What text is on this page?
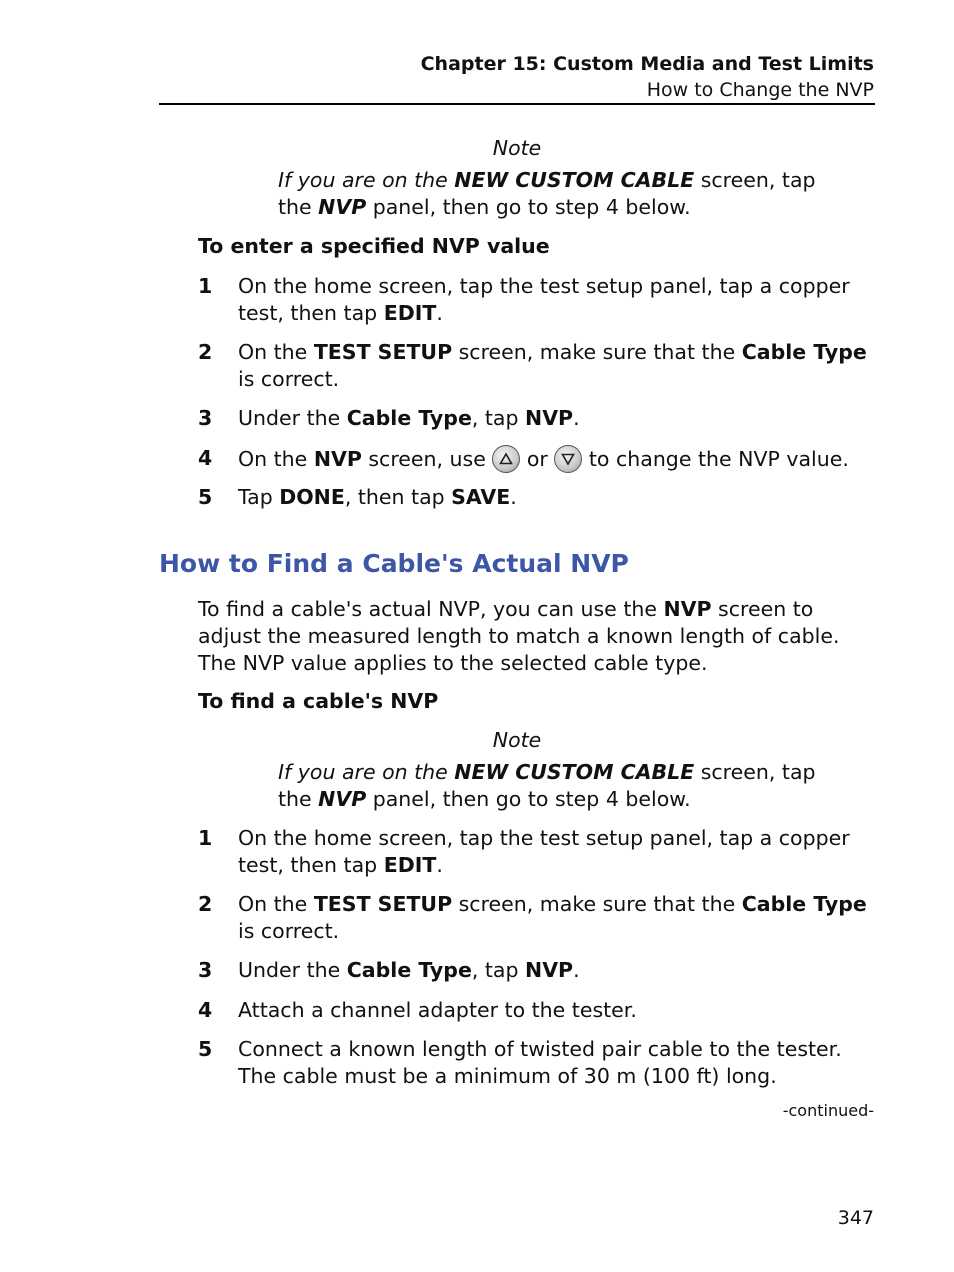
Chapter 15: Custom Media and Test Limits
How to Change the NVP
Note
If you are on the NEW CUSTOM CABLE screen, tap
the NVP panel, then go to step 4 below.
To enter a specified NVP value
1 On the home screen, tap the test setup panel, tap a copper test, then tap EDIT.
2 On the TEST SETUP screen, make sure that the Cable Type is correct.
3 Under the Cable Type, tap NVP.
4 On the NVP screen, use
or
to change the NVP value.
5 Tap DONE, then tap SAVE.
How to Find a Cable's Actual NVP
To find a cable's actual NVP, you can use the NVP screen to adjust the measured length to match a known length of cable. The NVP value applies to the selected cable type.
To find a cable's NVP
Note
If you are on the NEW CUSTOM CABLE screen, tap
the NVP panel, then go to step 4 below.
1 On the home screen, tap the test setup panel, tap a copper test, then tap EDIT.
2 On the TEST SETUP screen, make sure that the Cable Type is correct.
3 Under the Cable Type, tap NVP.
4 Attach a channel adapter to the tester.
5 Connect a known length of twisted pair cable to the tester. The cable must be a minimum of 30 m (100 ft) long.
-continued-
347
